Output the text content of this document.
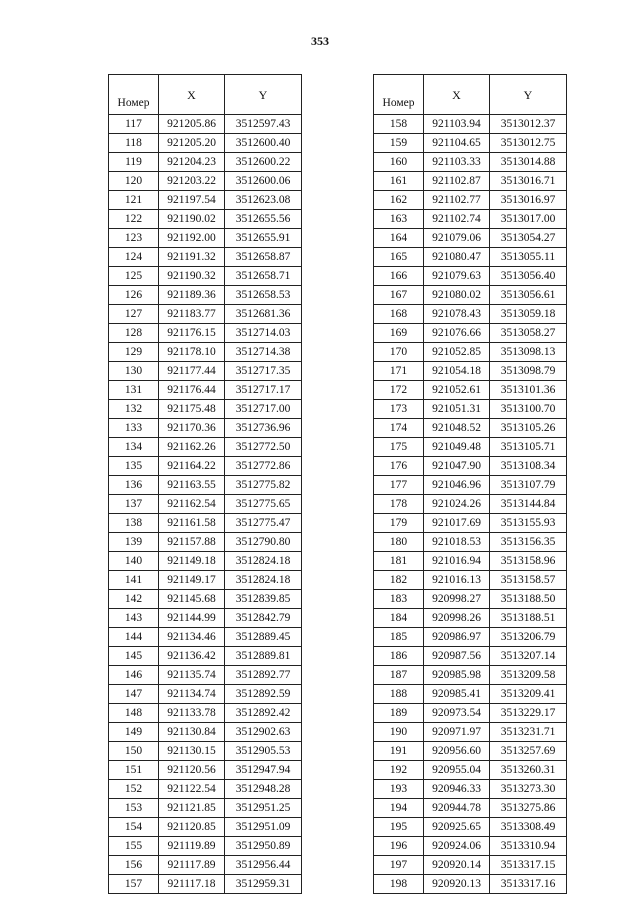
353
Номер	X	Y
117	921205.86	3512597.43
118	921205.20	3512600.40
119	921204.23	3512600.22
120	921203.22	3512600.06
121	921197.54	3512623.08
122	921190.02	3512655.56
123	921192.00	3512655.91
124	921191.32	3512658.87
125	921190.32	3512658.71
126	921189.36	3512658.53
127	921183.77	3512681.36
128	921176.15	3512714.03
129	921178.10	3512714.38
130	921177.44	3512717.35
131	921176.44	3512717.17
132	921175.48	3512717.00
133	921170.36	3512736.96
134	921162.26	3512772.50
135	921164.22	3512772.86
136	921163.55	3512775.82
137	921162.54	3512775.65
138	921161.58	3512775.47
139	921157.88	3512790.80
140	921149.18	3512824.18
141	921149.17	3512824.18
142	921145.68	3512839.85
143	921144.99	3512842.79
144	921134.46	3512889.45
145	921136.42	3512889.81
146	921135.74	3512892.77
147	921134.74	3512892.59
148	921133.78	3512892.42
149	921130.84	3512902.63
150	921130.15	3512905.53
151	921120.56	3512947.94
152	921122.54	3512948.28
153	921121.85	3512951.25
154	921120.85	3512951.09
155	921119.89	3512950.89
156	921117.89	3512956.44
157	921117.18	3512959.31
Номер	X	Y
158	921103.94	3513012.37
159	921104.65	3513012.75
160	921103.33	3513014.88
161	921102.87	3513016.71
162	921102.77	3513016.97
163	921102.74	3513017.00
164	921079.06	3513054.27
165	921080.47	3513055.11
166	921079.63	3513056.40
167	921080.02	3513056.61
168	921078.43	3513059.18
169	921076.66	3513058.27
170	921052.85	3513098.13
171	921054.18	3513098.79
172	921052.61	3513101.36
173	921051.31	3513100.70
174	921048.52	3513105.26
175	921049.48	3513105.71
176	921047.90	3513108.34
177	921046.96	3513107.79
178	921024.26	3513144.84
179	921017.69	3513155.93
180	921018.53	3513156.35
181	921016.94	3513158.96
182	921016.13	3513158.57
183	920998.27	3513188.50
184	920998.26	3513188.51
185	920986.97	3513206.79
186	920987.56	3513207.14
187	920985.98	3513209.58
188	920985.41	3513209.41
189	920973.54	3513229.17
190	920971.97	3513231.71
191	920956.60	3513257.69
192	920955.04	3513260.31
193	920946.33	3513273.30
194	920944.78	3513275.86
195	920925.65	3513308.49
196	920924.06	3513310.94
197	920920.14	3513317.15
198	920920.13	3513317.16
